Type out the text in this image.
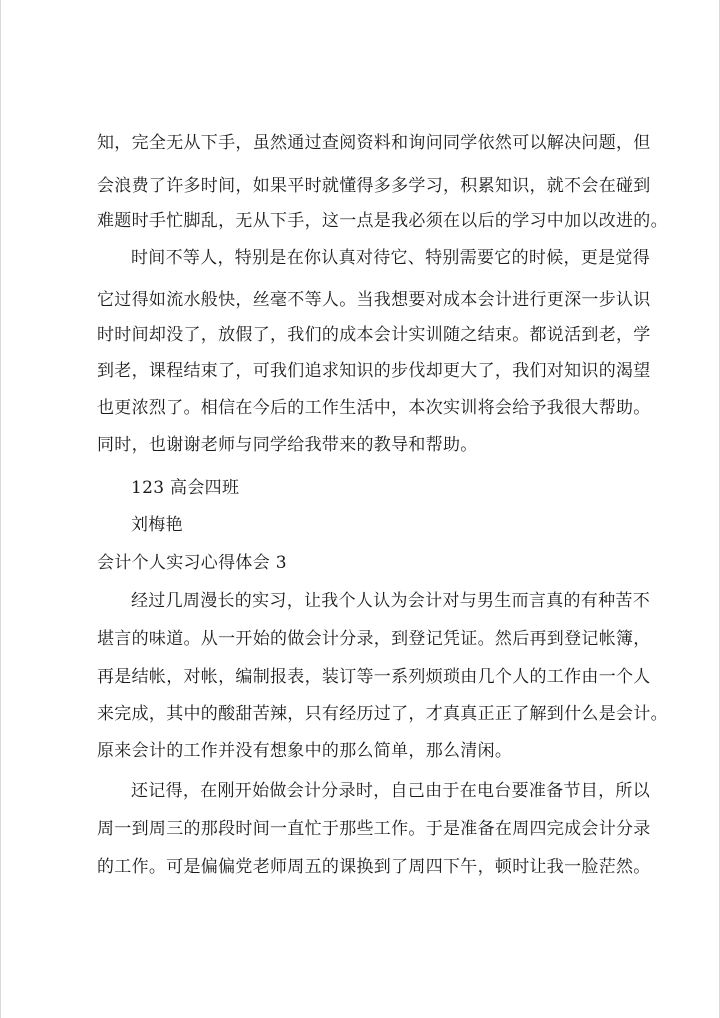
知，完全无从下手，虽然通过查阅资料和询问同学依然可以解决问题，但
会浪费了许多时间，如果平时就懂得多多学习，积累知识，就不会在碰到
难题时手忙脚乱，无从下手，这一点是我必须在以后的学习中加以改进的。
时间不等人，特别是在你认真对待它、特别需要它的时候，更是觉得
它过得如流水般快，丝毫不等人。当我想要对成本会计进行更深一步认识
时时间却没了，放假了，我们的成本会计实训随之结束。都说活到老，学
到老，课程结束了，可我们追求知识的步伐却更大了，我们对知识的渴望
也更浓烈了。相信在今后的工作生活中，本次实训将会给予我很大帮助。
同时，也谢谢老师与同学给我带来的教导和帮助。
123 高会四班
刘梅艳
会计个人实习心得体会 3
经过几周漫长的实习，让我个人认为会计对与男生而言真的有种苦不
堪言的味道。从一开始的做会计分录，到登记凭证。然后再到登记帐簿，
再是结帐，对帐，编制报表，装订等一系列烦琐由几个人的工作由一个人
来完成，其中的酸甜苦辣，只有经历过了，才真真正正了解到什么是会计。
原来会计的工作并没有想象中的那么简单，那么清闲。
还记得，在刚开始做会计分录时，自己由于在电台要准备节目，所以
周一到周三的那段时间一直忙于那些工作。于是准备在周四完成会计分录
的工作。可是偏偏党老师周五的课换到了周四下午，顿时让我一脸茫然。
